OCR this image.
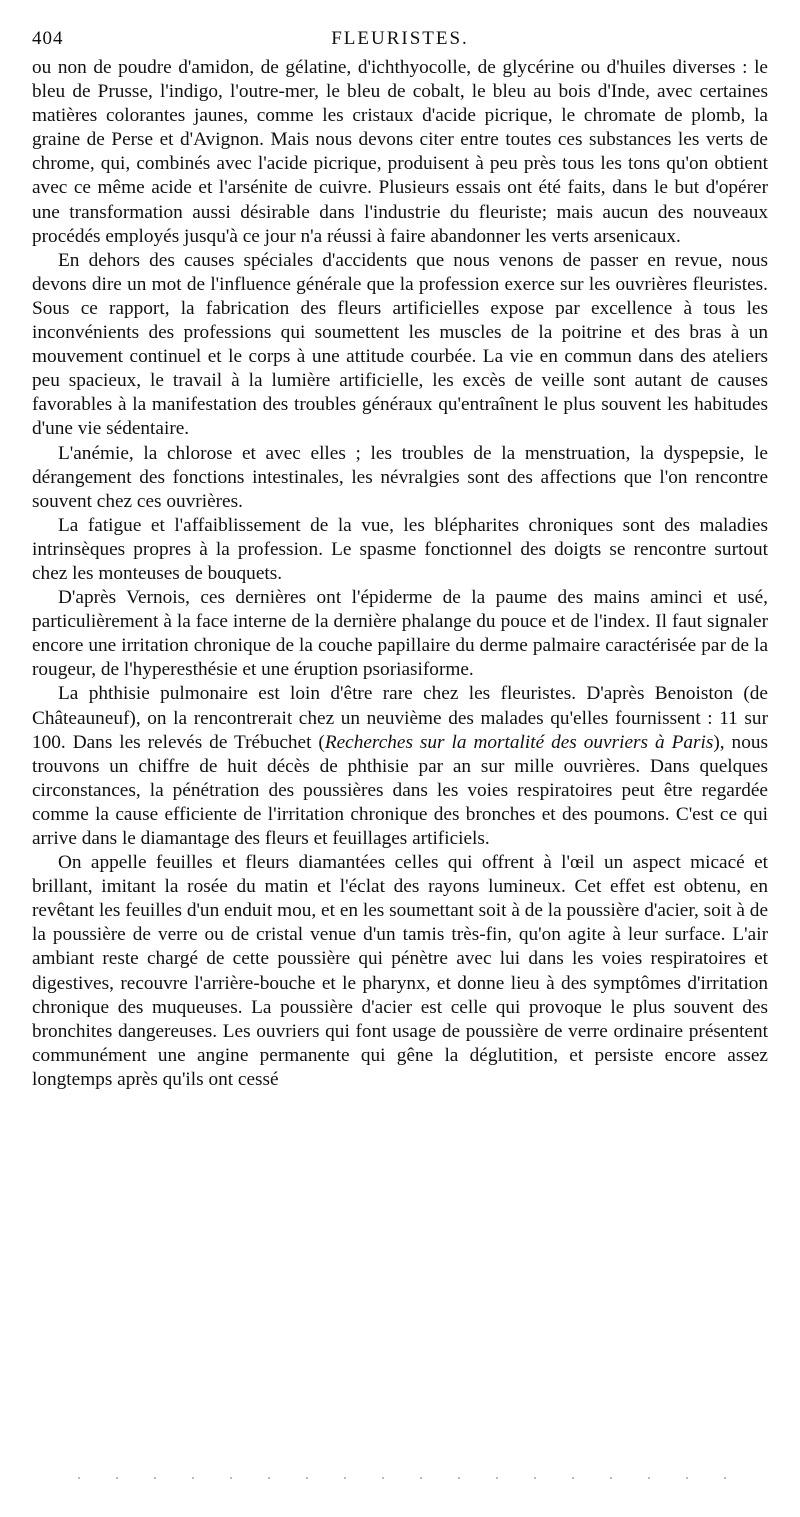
404	FLEURISTES.

ou non de poudre d'amidon, de gélatine, d'ichthyocolle, de glycérine ou d'huiles diverses : le bleu de Prusse, l'indigo, l'outre-mer, le bleu de cobalt, le bleu au bois d'Inde, avec certaines matières colorantes jaunes, comme les cristaux d'acide picrique, le chromate de plomb, la graine de Perse et d'Avignon. Mais nous devons citer entre toutes ces substances les verts de chrome, qui, combinés avec l'acide picrique, produisent à peu près tous les tons qu'on obtient avec ce même acide et l'arsénite de cuivre. Plusieurs essais ont été faits, dans le but d'opérer une transformation aussi désirable dans l'industrie du fleuriste; mais aucun des nouveaux procédés employés jusqu'à ce jour n'a réussi à faire abandonner les verts arsenicaux.

En dehors des causes spéciales d'accidents que nous venons de passer en revue, nous devons dire un mot de l'influence générale que la profession exerce sur les ouvrières fleuristes. Sous ce rapport, la fabrication des fleurs artificielles expose par excellence à tous les inconvénients des professions qui soumettent les muscles de la poitrine et des bras à un mouvement continuel et le corps à une attitude courbée. La vie en commun dans des ateliers peu spacieux, le travail à la lumière artificielle, les excès de veille sont autant de causes favorables à la manifestation des troubles généraux qu'entraînent le plus souvent les habitudes d'une vie sédentaire.

L'anémie, la chlorose et avec elles ; les troubles de la menstruation, la dyspepsie, le dérangement des fonctions intestinales, les névralgies sont des affections que l'on rencontre souvent chez ces ouvrières.

La fatigue et l'affaiblissement de la vue, les blépharites chroniques sont des maladies intrinsèques propres à la profession. Le spasme fonctionnel des doigts se rencontre surtout chez les monteuses de bouquets.

D'après Vernois, ces dernières ont l'épiderme de la paume des mains aminci et usé, particulièrement à la face interne de la dernière phalange du pouce et de l'index. Il faut signaler encore une irritation chronique de la couche papillaire du derme palmaire caractérisée par de la rougeur, de l'hyperesthésie et une éruption psoriasiforme.

La phthisie pulmonaire est loin d'être rare chez les fleuristes. D'après Benoiston (de Châteauneuf), on la rencontrerait chez un neuvième des malades qu'elles fournissent : 11 sur 100. Dans les relevés de Trébuchet (Recherches sur la mortalité des ouvriers à Paris), nous trouvons un chiffre de huit décès de phthisie par an sur mille ouvrières. Dans quelques circonstances, la pénétration des poussières dans les voies respiratoires peut être regardée comme la cause efficiente de l'irritation chronique des bronches et des poumons. C'est ce qui arrive dans le diamantage des fleurs et feuillages artificiels.

On appelle feuilles et fleurs diamantées celles qui offrent à l'œil un aspect micacé et brillant, imitant la rosée du matin et l'éclat des rayons lumineux. Cet effet est obtenu, en revêtant les feuilles d'un enduit mou, et en les soumettant soit à de la poussière d'acier, soit à de la poussière de verre ou de cristal venue d'un tamis très-fin, qu'on agite à leur surface. L'air ambiant reste chargé de cette poussière qui pénètre avec lui dans les voies respiratoires et digestives, recouvre l'arrière-bouche et le pharynx, et donne lieu à des symptômes d'irritation chronique des muqueuses. La poussière d'acier est celle qui provoque le plus souvent des bronchites dangereuses. Les ouvriers qui font usage de poussière de verre ordinaire présentent communément une angine permanente qui gêne la déglutition, et persiste encore assez longtemps après qu'ils ont cessé
